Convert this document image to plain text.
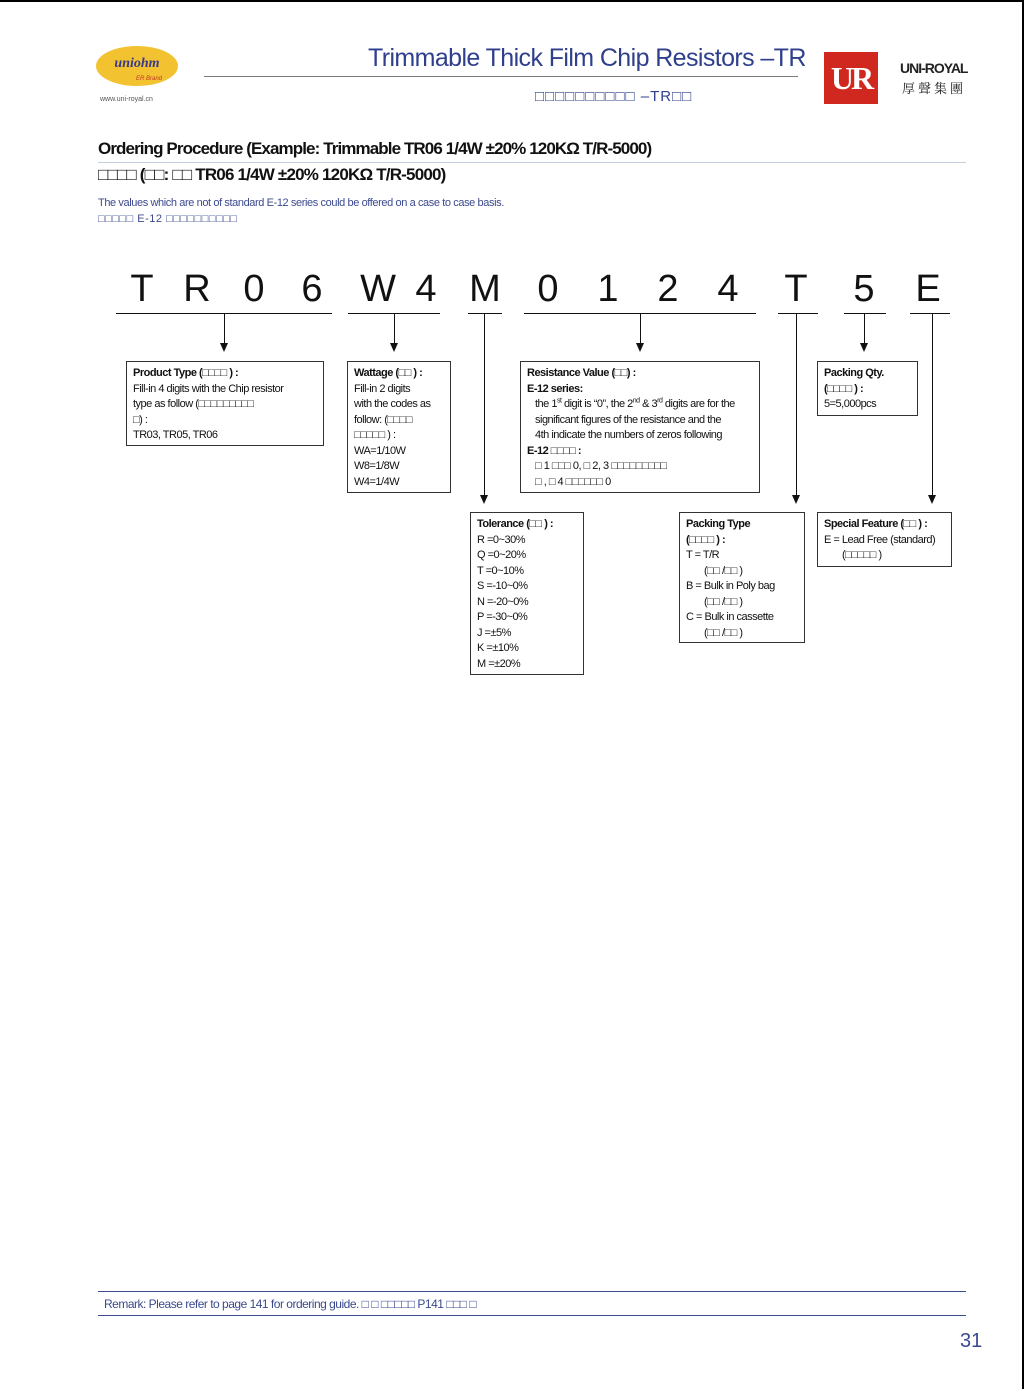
uniohm
ER Brand
www.uni-royal.cn
Trimmable Thick Film Chip Resistors –TR
□□□□□□□□□□ –TR□□
UR	UNI-ROYAL
厚聲集團
Ordering Procedure (Example: Trimmable TR06 1/4W ±20% 120KΩ T/R-5000)
□□□□ (□□: □□ TR06 1/4W ±20% 120KΩ T/R-5000)
The values which are not of standard E-12 series could be offered on a case to case basis.
□□□□□ E-12 □□□□□□□□□□
T R 0 6 W 4 M 0 1 2 4 T 5 E
Product Type (□□□□ ) :
Fill-in 4 digits with the Chip resistor
type as follow (□□□□□□□□□
□) :
TR03, TR05, TR06
Wattage (□□ ) :
Fill-in 2 digits
with the codes as
follow: (□□□□
□□□□□ ) :
WA=1/10W
W8=1/8W
W4=1/4W
Resistance Value (□□) :
E-12 series:
the 1st digit is “0”, the 2nd & 3rd digits are for the
significant figures of the resistance and the
4th indicate the numbers of zeros following
E-12 □□□□ :
□ 1 □□□ 0, □ 2, 3 □□□□□□□□□
□ , □ 4 □□□□□□ 0
Packing Qty.
(□□□□ ) :
5=5,000pcs
Tolerance (□□ ) :
R =0~30%
Q =0~20%
T =0~10%
S =-10~0%
N =-20~0%
P =-30~0%
J =±5%
K =±10%
M =±20%
Packing Type
(□□□□ ) :
T = T/R
(□□ /□□ )
B = Bulk in Poly bag
(□□ /□□ )
C = Bulk in cassette
(□□ /□□ )
Special Feature (□□ ) :
E = Lead Free (standard)
(□□□□□ )
Remark: Please refer to page 141 for ordering guide. □ □ □□□□□ P141 □□□ □
31
